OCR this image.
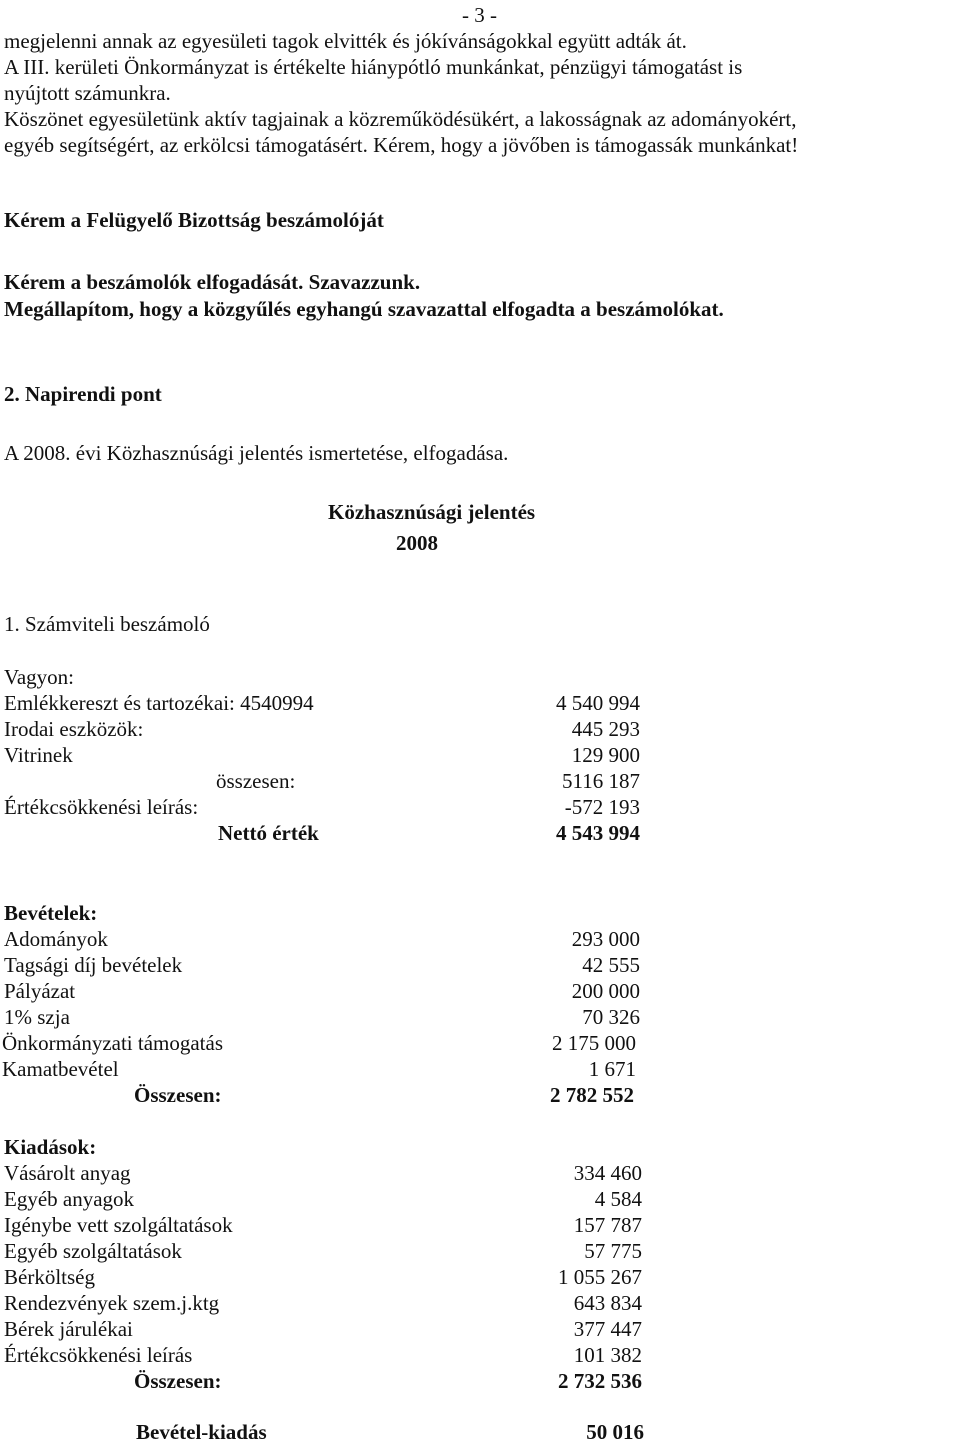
- 3 -

megjelenni annak az egyesületi tagok elvitték és jókívánságokkal együtt adták át.

A III. kerületi Önkormányzat is értékelte hiánypótló munkánkat, pénzügyi támogatást is

nyújtott számunkra.

Köszönet egyesületünk aktív tagjainak a közreműködésükért, a lakosságnak az adományokért,

egyéb segítségért, az erkölcsi támogatásért. Kérem, hogy a jövőben is támogassák munkánkat!

Kérem a Felügyelő Bizottság beszámolóját
Kérem a beszámolók elfogadását. Szavazzunk.
Megállapítom, hogy a közgyűlés egyhangú szavazattal elfogadta a beszámolókat.
2. Napirendi pont
A 2008. évi Közhasznúsági jelentés ismertetése, elfogadása.
Közhasznúsági jelentés
2008
1. Számviteli beszámoló
Vagyon:
Emlékkereszt és tartozékai: 4540994	4 540 994
Irodai eszközök:	445 293
Vitrinek	129 900
összesen:	5116 187
Értékcsökkenési leírás:	-572 193
Nettó érték	4 543 994
Bevételek:
Adományok	293 000
Tagsági díj bevételek	42 555
Pályázat	200 000
1% szja	70 326
Önkormányzati támogatás	2 175 000
Kamatbevétel	1 671
Összesen:	2 782 552
Kiadások:
Vásárolt anyag	334 460
Egyéb anyagok	4 584
Igénybe vett szolgáltatások	157 787
Egyéb szolgáltatások	57 775
Bérköltség	1 055 267
Rendezvények szem.j.ktg	643 834
Bérek járulékai	377 447
Értékcsökkenési leírás	101 382
Összesen:	2 732 536
Bevétel-kiadás	50 016
